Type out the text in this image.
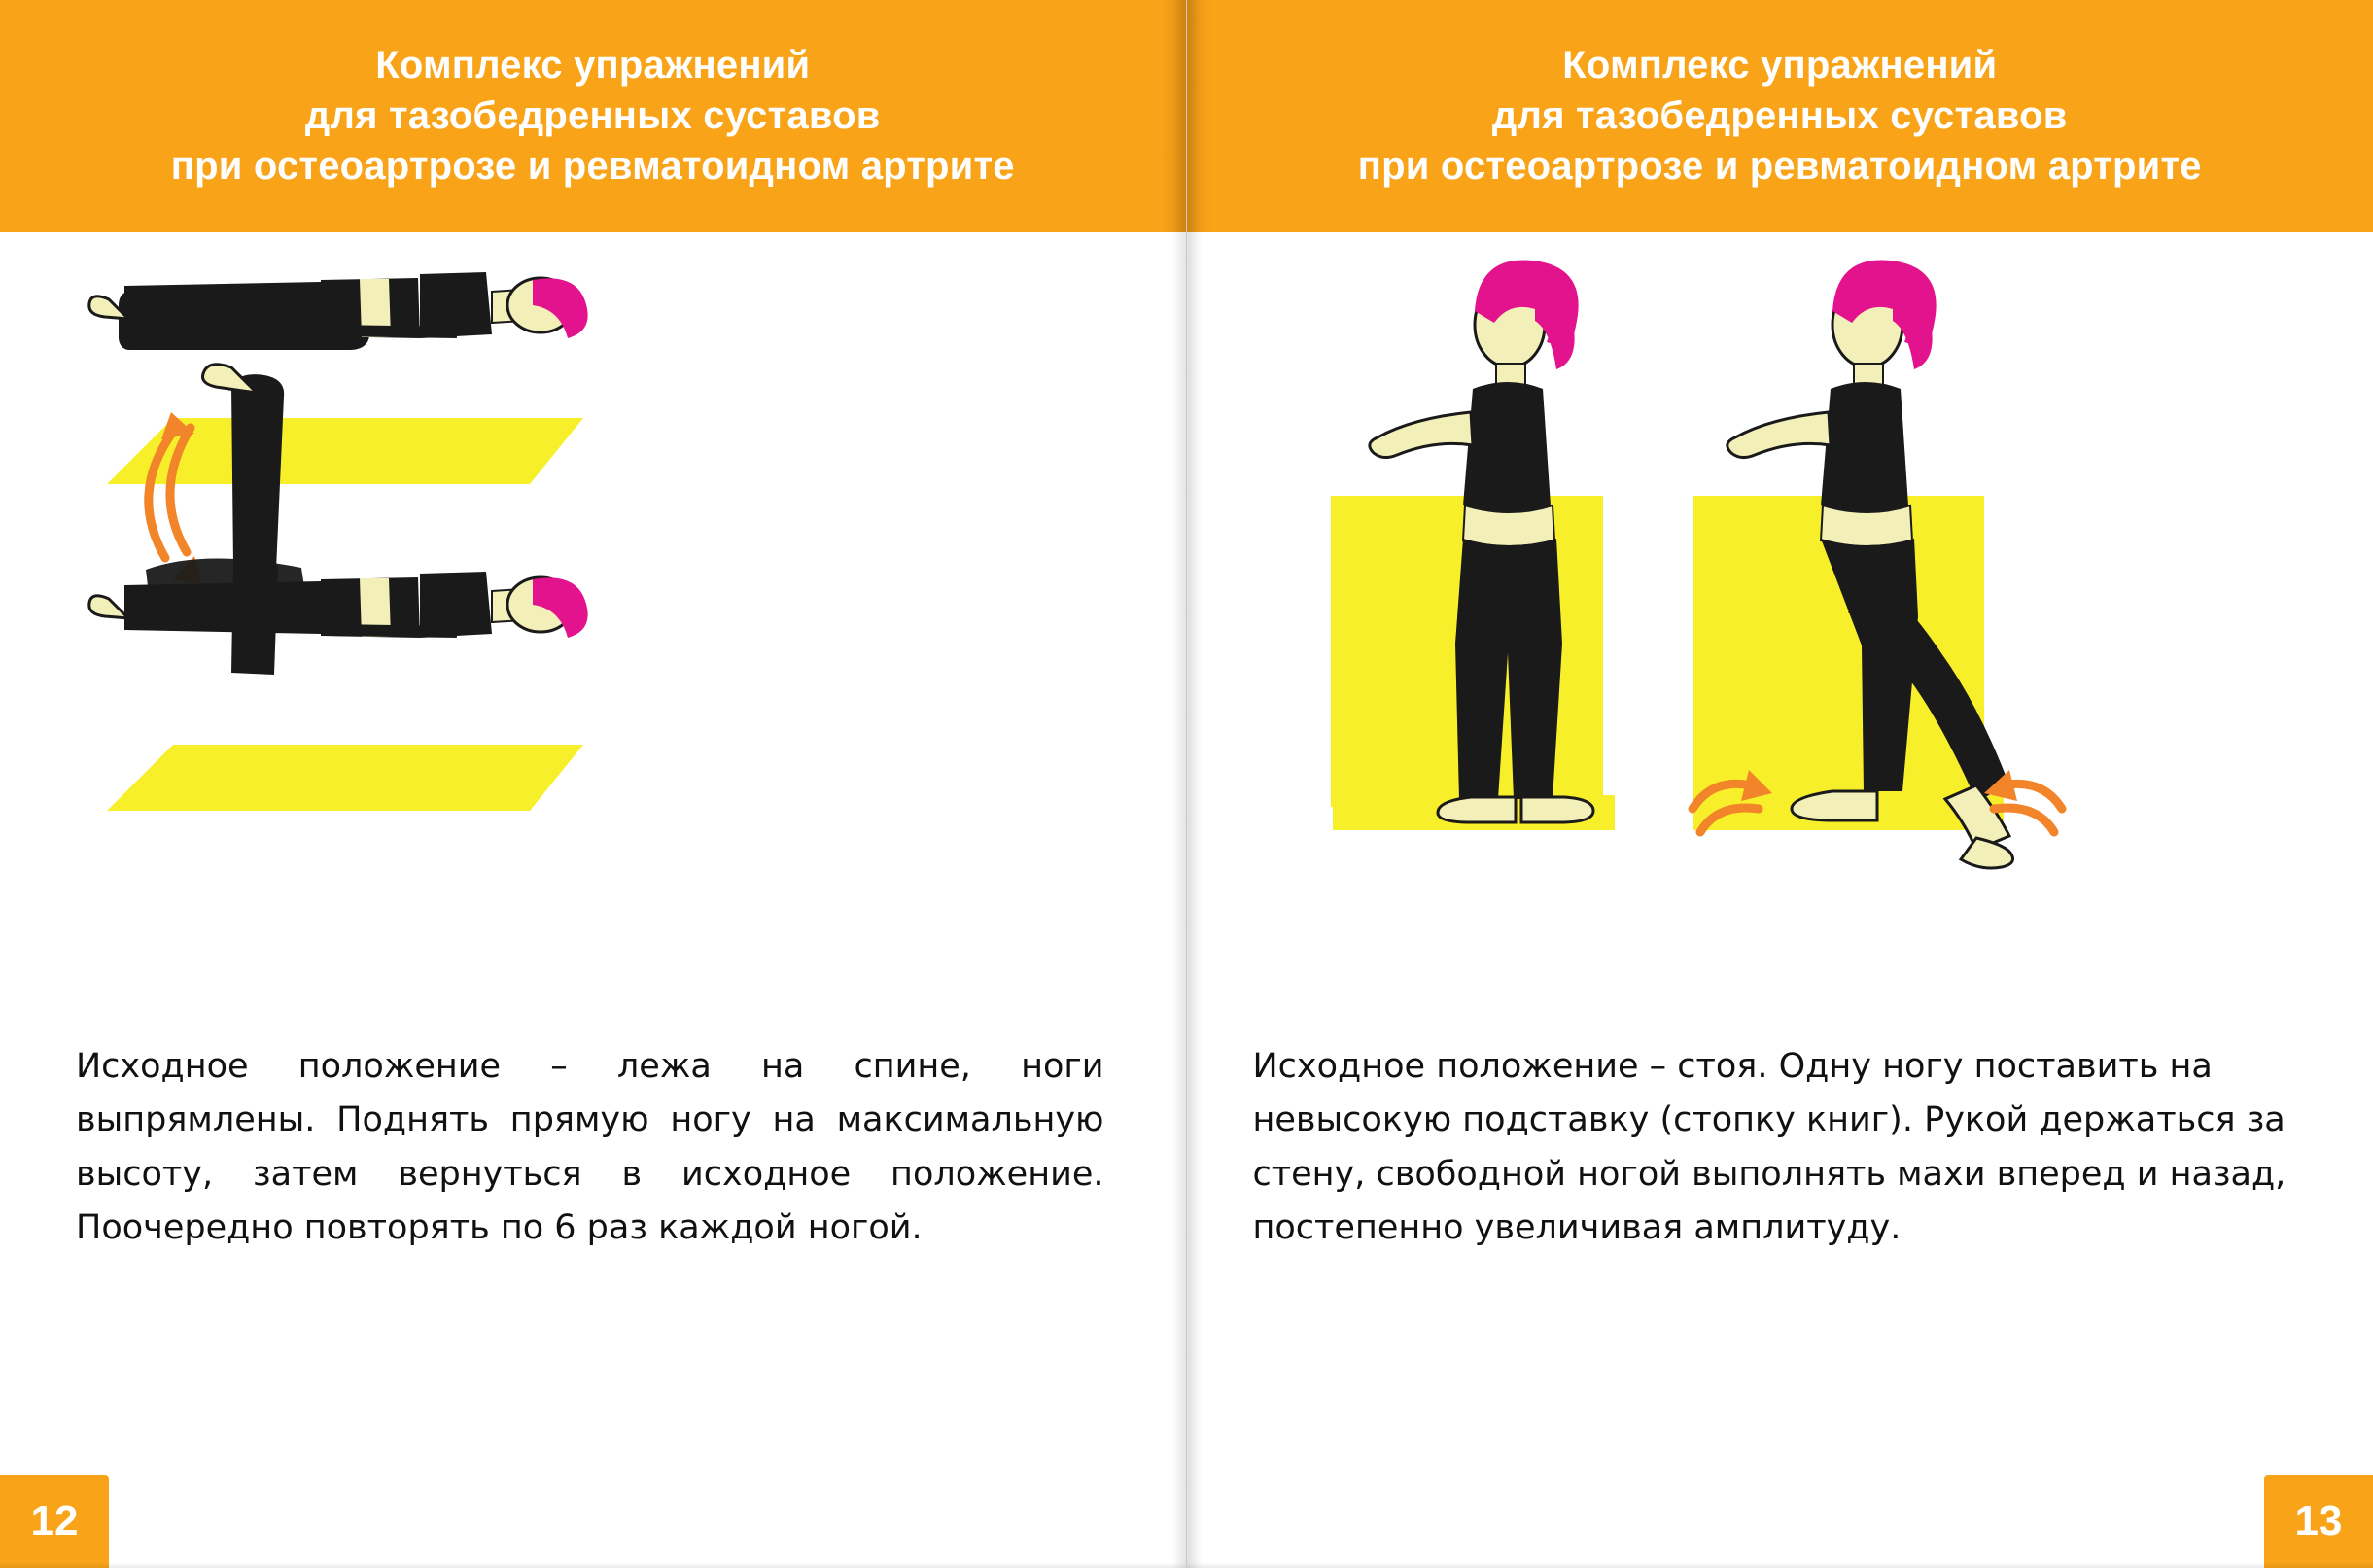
Комплекс упражнений
для тазобедренных суставов
при остеоартрозе и ревматоидном артрите
Исходное положение – лежа на спине, ноги выпрямлены. Поднять прямую ногу на максимальную высоту, затем вернуться в исходное положение. Поочередно повторять по 6 раз каждой ногой.
12
Комплекс упражнений
для тазобедренных суставов
при остеоартрозе и ревматоидном артрите
Исходное положение – стоя. Одну ногу поставить на невысокую подставку (стопку книг). Рукой держаться за стену, свободной ногой выполнять махи вперед и назад, постепенно увеличивая амплитуду.
13
